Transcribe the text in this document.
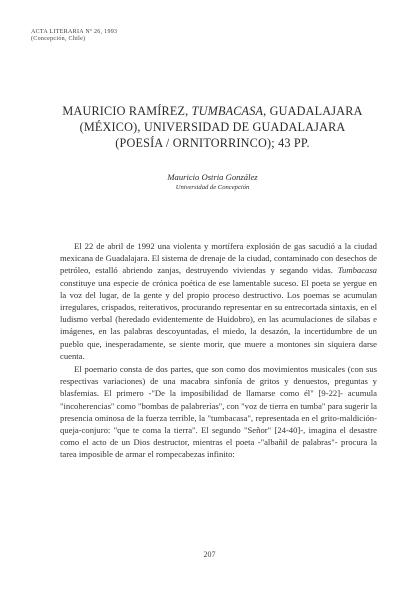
ACTA LITERARIA Nº 26, 1993
(Concepción, Chile)
MAURICIO RAMÍREZ, TUMBACASA, GUADALAJARA (MÉXICO), UNIVERSIDAD DE GUADALAJARA (POESÍA / ORNITORRINCO); 43 PP.
Mauricio Ostria González
Universidad de Concepción

El 22 de abril de 1992 una violenta y mortífera explosión de gas sacudió a la ciudad mexicana de Guadalajara. El sistema de drenaje de la ciudad, contaminado con desechos de petróleo, estalló abriendo zanjas, destruyendo viviendas y segando vidas. Tumbacasa constituye una especie de crónica poética de ese lamentable suceso. El poeta se yergue en la voz del lugar, de la gente y del propio proceso destructivo. Los poemas se acumulan irregulares, crispados, reiterativos, procurando representar en su entrecortada sintaxis, en el ludismo verbal (heredado evidentemente de Huidobro), en las acumulaciones de sílabas e imágenes, en las palabras descoyuntadas, el miedo, la desazón, la incertidumbre de un pueblo que, inesperadamente, se siente morir, que muere a montones sin siquiera darse cuenta.

El poemario consta de dos partes, que son como dos movimientos musicales (con sus respectivas variaciones) de una macabra sinfonía de gritos y denuestos, preguntas y blasfemias. El primero -"De la imposibilidad de llamarse como él" [9-22]- acumula "incoherencias" como "bombas de palabrerías", con "voz de tierra en tumba" para sugerir la presencia ominosa de la fuerza terrible, la "tumbacasa", representada en el grito-maldición-queja-conjuro: "que te coma la tierra". El segundo "Señor" [24-40]-, imagina el desastre como el acto de un Dios destructor, mientras el poeta -"albañil de palabras"- procura la tarea imposible de armar el rompecabezas infinito:

207
